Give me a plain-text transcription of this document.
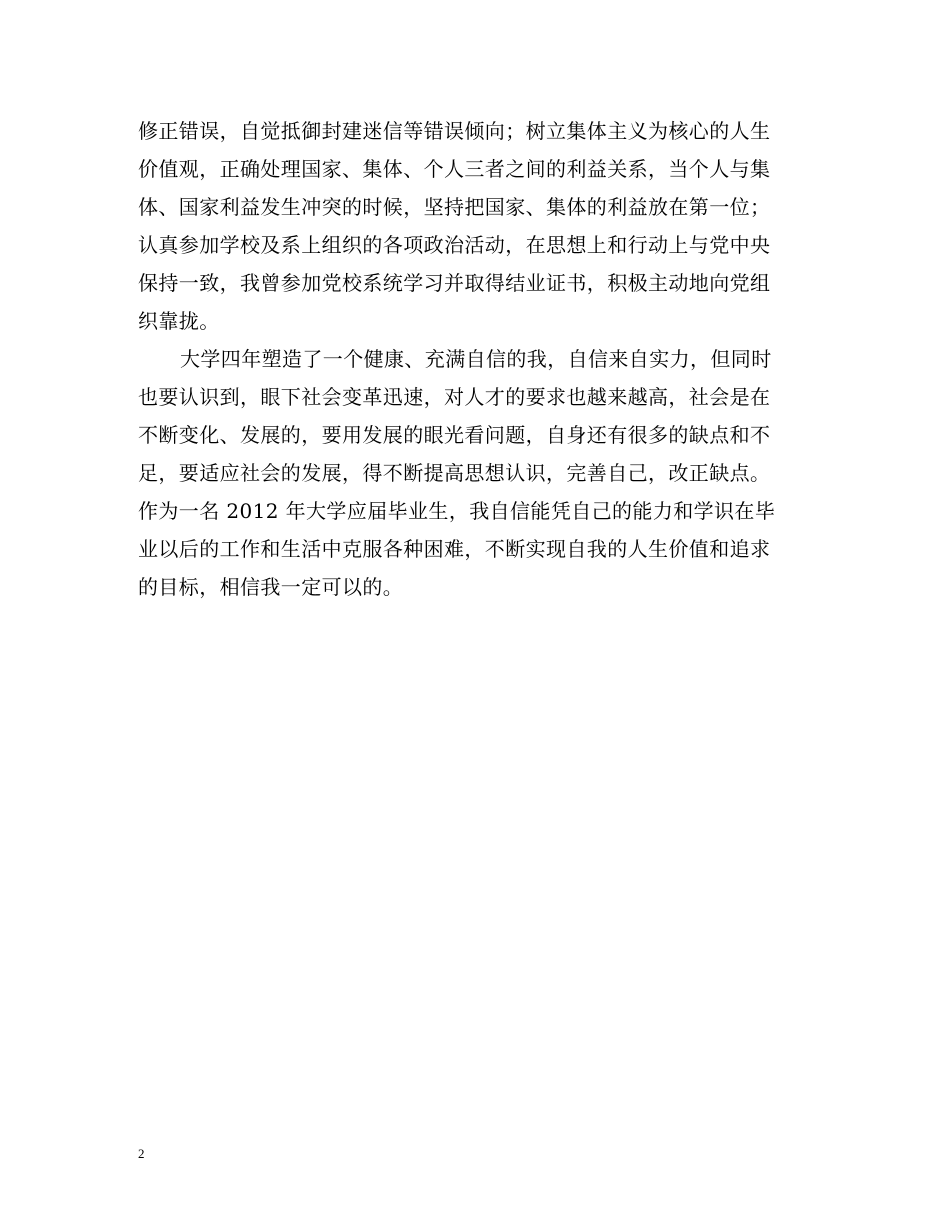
修正错误，自觉抵御封建迷信等错误倾向；树立集体主义为核心的人生
价值观，正确处理国家、集体、个人三者之间的利益关系，当个人与集
体、国家利益发生冲突的时候，坚持把国家、集体的利益放在第一位；
认真参加学校及系上组织的各项政治活动，在思想上和行动上与党中央
保持一致，我曾参加党校系统学习并取得结业证书，积极主动地向党组
织靠拢。
大学四年塑造了一个健康、充满自信的我，自信来自实力，但同时
也要认识到，眼下社会变革迅速，对人才的要求也越来越高，社会是在
不断变化、发展的，要用发展的眼光看问题，自身还有很多的缺点和不
足，要适应社会的发展，得不断提高思想认识，完善自己，改正缺点。
作为一名 2012 年大学应届毕业生，我自信能凭自己的能力和学识在毕
业以后的工作和生活中克服各种困难，不断实现自我的人生价值和追求
的目标，相信我一定可以的。
2
